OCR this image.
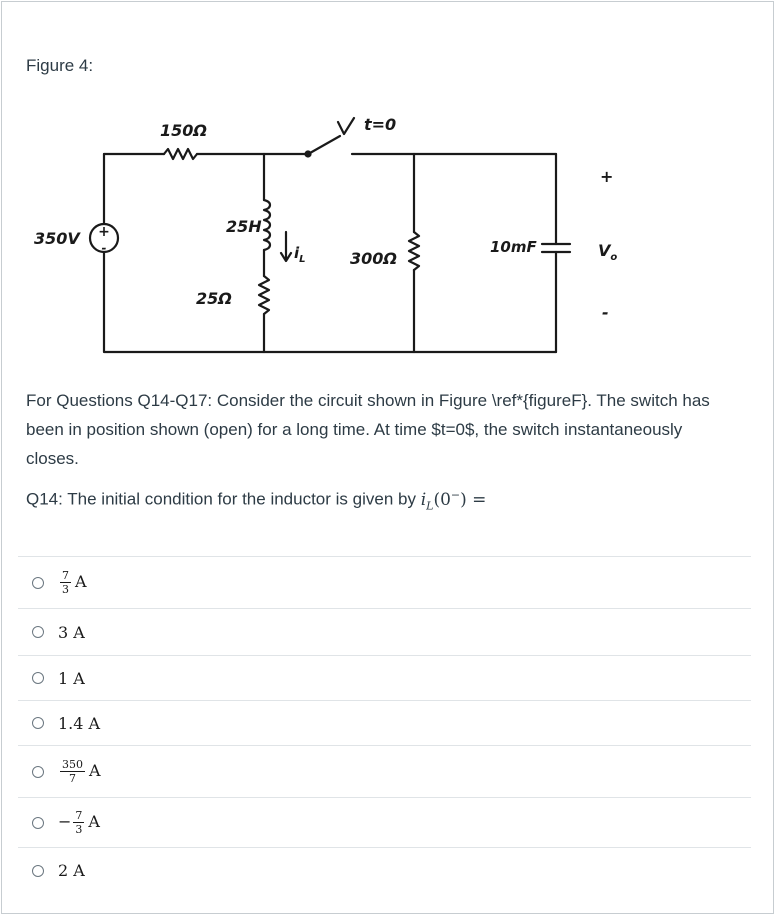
Figure 4:
+
-
350V
150Ω	t=0
25H
25Ω
$i_L$	300Ω
10mF
+
$V_o$
-
For Questions Q14-Q17: Consider the circuit shown in Figure \ref*{figureF}. The switch has been in position shown (open) for a long time. At time $t=0$, the switch instantaneously closes.
Q14: The initial condition for the inductor is given by $i_L(0^-)$ =
$\frac{7}{3}$ A
3 A
1 A
1.4 A
$\frac{350}{7}$ A
− $\frac{7}{3}$ A
2 A
